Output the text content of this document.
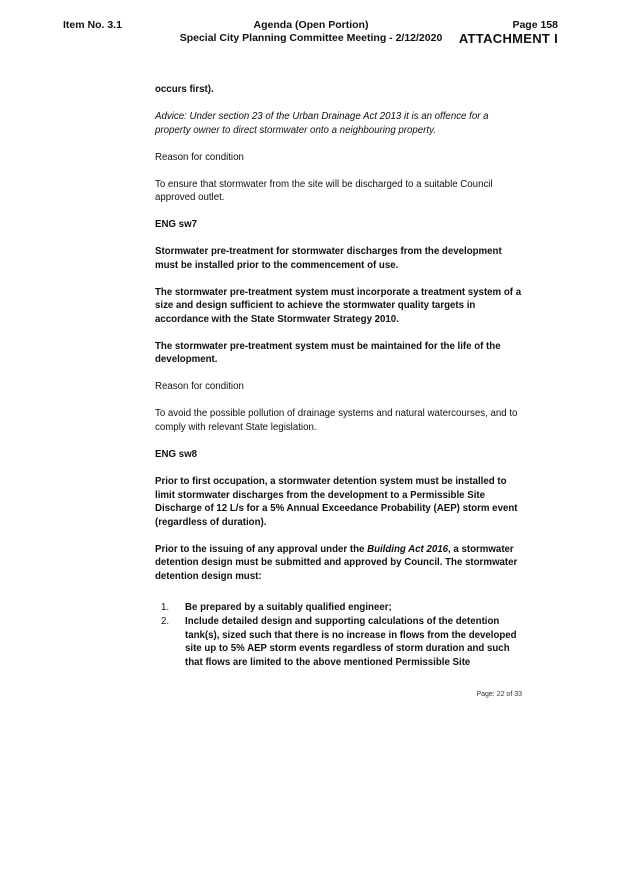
Item No. 3.1	Agenda (Open Portion)
Special City Planning Committee Meeting - 2/12/2020
Page 158
ATTACHMENT I

occurs first).

Advice: Under section 23 of the Urban Drainage Act 2013 it is an offence for a property owner to direct stormwater onto a neighbouring property.

Reason for condition

To ensure that stormwater from the site will be discharged to a suitable Council approved outlet.

ENG sw7

Stormwater pre-treatment for stormwater discharges from the development must be installed prior to the commencement of use.

The stormwater pre-treatment system must incorporate a treatment system of a size and design sufficient to achieve the stormwater quality targets in accordance with the State Stormwater Strategy 2010.

The stormwater pre-treatment system must be maintained for the life of the development.

Reason for condition

To avoid the possible pollution of drainage systems and natural watercourses, and to comply with relevant State legislation.

ENG sw8

Prior to first occupation, a stormwater detention system must be installed to limit stormwater discharges from the development to a Permissible Site Discharge of 12 L/s for a 5% Annual Exceedance Probability (AEP) storm event (regardless of duration).

Prior to the issuing of any approval under the Building Act 2016, a stormwater detention design must be submitted and approved by Council. The stormwater detention design must:

1. Be prepared by a suitably qualified engineer;
2. Include detailed design and supporting calculations of the detention tank(s), sized such that there is no increase in flows from the developed site up to 5% AEP storm events regardless of storm duration and such that flows are limited to the above mentioned Permissible Site
Page: 22 of 33
